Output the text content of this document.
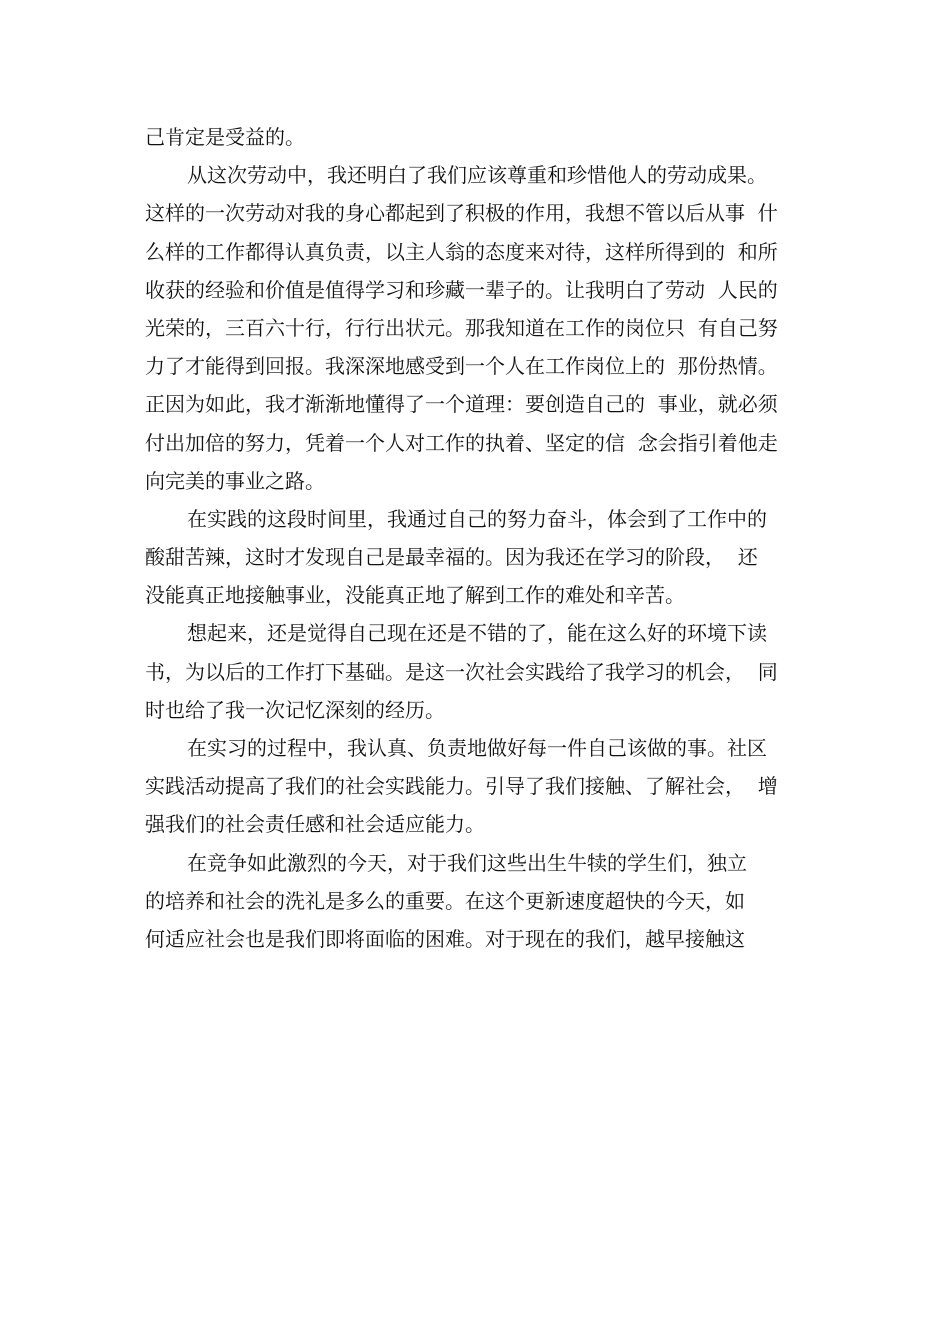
己肯定是受益的。

从这次劳动中，我还明白了我们应该尊重和珍惜他人的劳动成果。

这样的一次劳动对我的身心都起到了积极的作用，我想不管以后从事  什

么样的工作都得认真负责，以主人翁的态度来对待，这样所得到的  和所

收获的经验和价值是值得学习和珍藏一辈子的。让我明白了劳动  人民的

光荣的，三百六十行，行行出状元。那我知道在工作的岗位只  有自己努

力了才能得到回报。我深深地感受到一个人在工作岗位上的  那份热情。

正因为如此，我才渐渐地懂得了一个道理：要创造自己的  事业，就必须

付出加倍的努力，凭着一个人对工作的执着、坚定的信  念会指引着他走

向完美的事业之路。

在实践的这段时间里，我通过自己的努力奋斗，体会到了工作中的

酸甜苦辣，这时才发现自己是最幸福的。因为我还在学习的阶段，  还

没能真正地接触事业，没能真正地了解到工作的难处和辛苦。

想起来，还是觉得自己现在还是不错的了，能在这么好的环境下读

书，为以后的工作打下基础。是这一次社会实践给了我学习的机会，  同

时也给了我一次记忆深刻的经历。

在实习的过程中，我认真、负责地做好每一件自己该做的事。社区

实践活动提高了我们的社会实践能力。引导了我们接触、了解社会，  增

强我们的社会责任感和社会适应能力。

在竞争如此激烈的今天，对于我们这些出生牛犊的学生们，独立

的培养和社会的洗礼是多么的重要。在这个更新速度超快的今天，如

何适应社会也是我们即将面临的困难。对于现在的我们，越早接触这
